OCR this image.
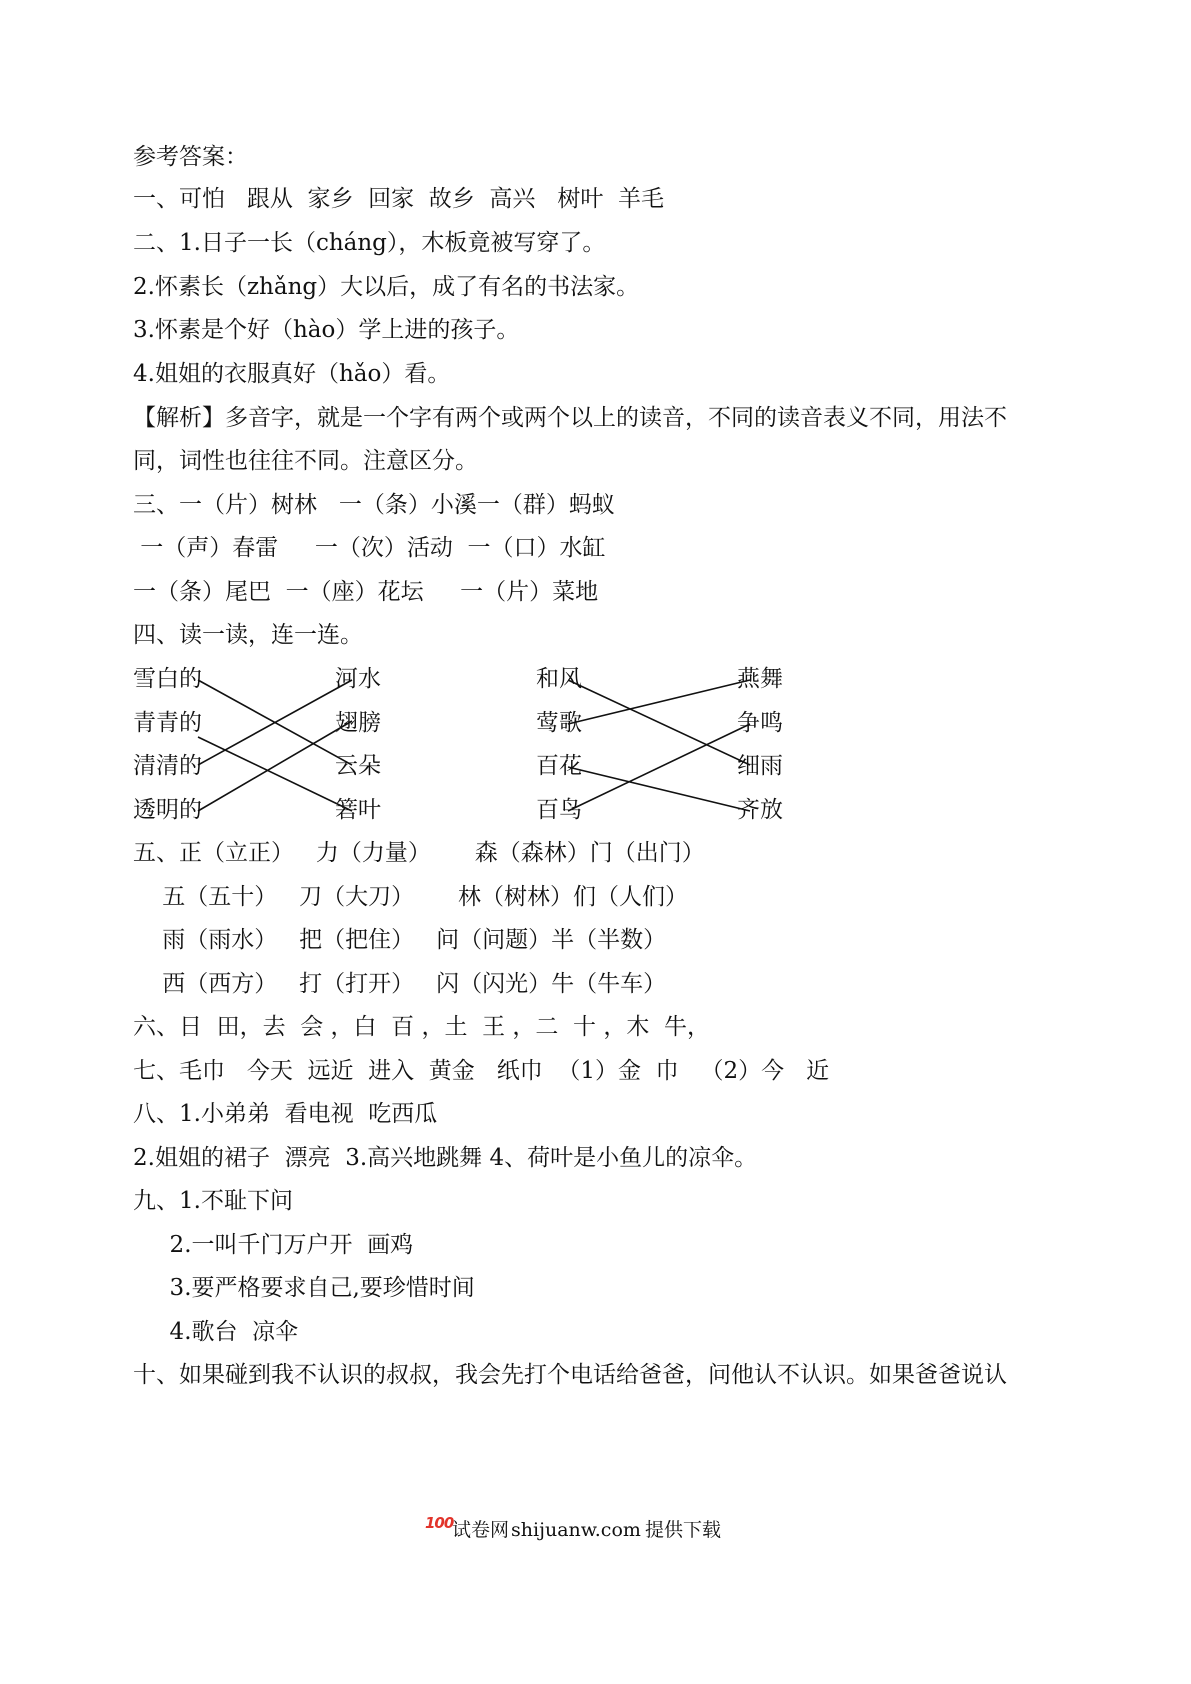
参考答案：
一、可怕   跟从  家乡  回家  故乡  高兴   树叶  羊毛
二、1.日子一长（cháng），木板竟被写穿了。
2.怀素长（zhǎng）大以后，成了有名的书法家。
3.怀素是个好（hào）学上进的孩子。
4.姐姐的衣服真好（hǎo）看。
【解析】多音字，就是一个字有两个或两个以上的读音，不同的读音表义不同，用法不
同，词性也往往不同。注意区分。
三、一（片）树林   一（条）小溪一（群）蚂蚁
一（声）春雷     一（次）活动  一（口）水缸
一（条）尾巴  一（座）花坛     一（片）菜地
四、读一读，连一连。
雪白的
青青的
清清的
透明的
河水
翅膀
云朵
箬叶
和风
莺歌
百花
百鸟
燕舞
争鸣
细雨
齐放
五、正（立正）   力（力量）      森（森林）门（出门）
五（五十）   刀（大刀）      林（树林）们（人们）
雨（雨水）   把（把住）   问（问题）半（半数）
西（西方）   打（打开）   闪（闪光）牛（牛车）
六、日  田，去  会 ，白  百 ，土  王 ，二  十 ，木  牛，
七、毛巾   今天  远近  进入  黄金   纸巾  （1）金  巾   （2）今   近
八、1.小弟弟  看电视  吃西瓜
2.姐姐的裙子  漂亮  3.高兴地跳舞 4、荷叶是小鱼儿的凉伞。
九、1.不耻下问
2.一叫千门万户开  画鸡
3.要严格要求自己,要珍惜时间
4.歌台  凉伞
十、如果碰到我不认识的叔叔，我会先打个电话给爸爸，问他认不认识。如果爸爸说认
100
试卷网 shijuanw.com 提供下载
